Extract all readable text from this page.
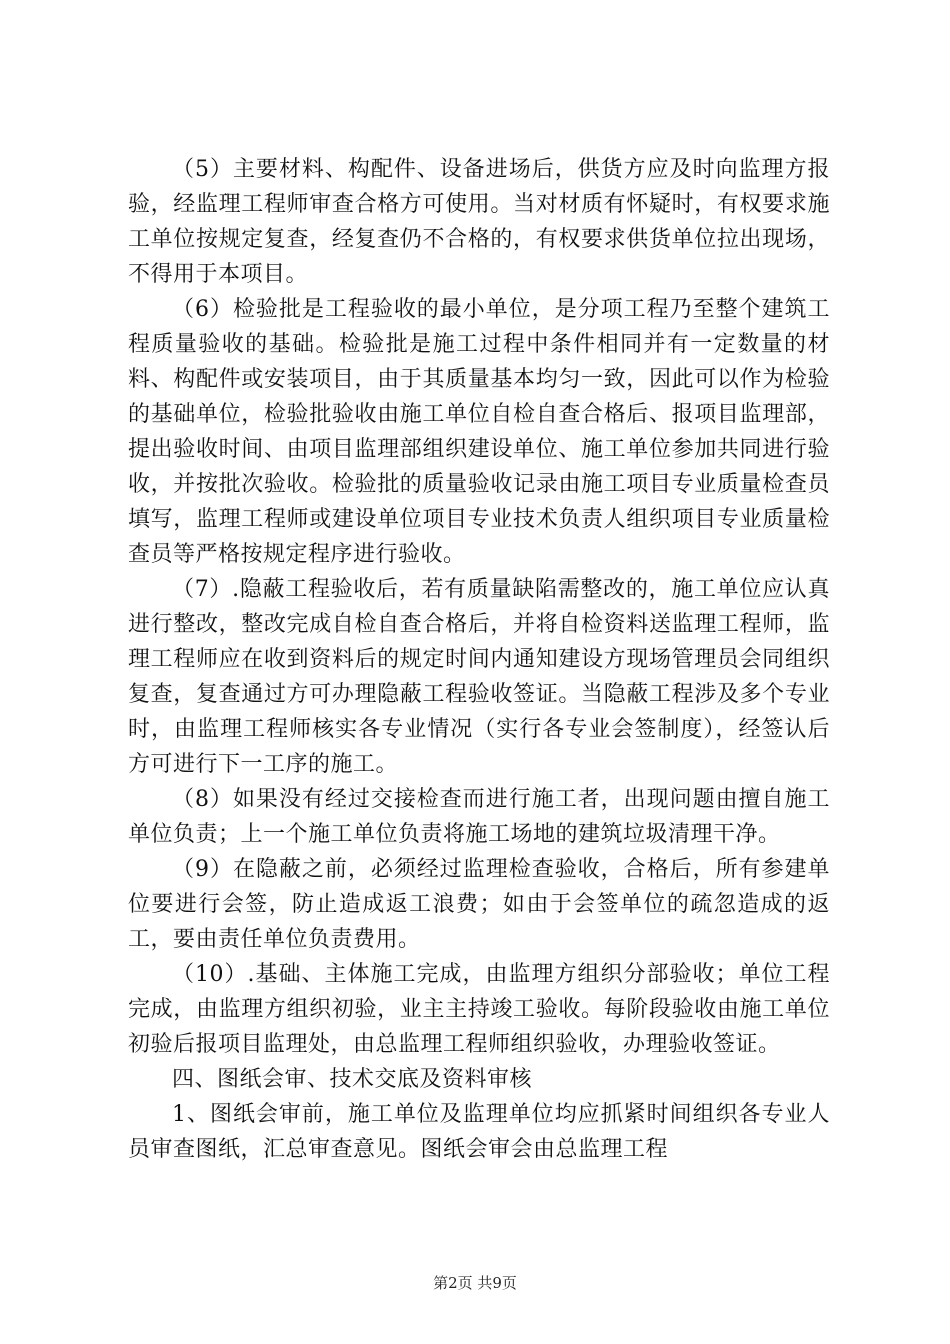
（5）主要材料、构配件、设备进场后，供货方应及时向监理方报验，经监理工程师审查合格方可使用。当对材质有怀疑时，有权要求施工单位按规定复查，经复查仍不合格的，有权要求供货单位拉出现场，不得用于本项目。

（6）检验批是工程验收的最小单位，是分项工程乃至整个建筑工程质量验收的基础。检验批是施工过程中条件相同并有一定数量的材料、构配件或安装项目，由于其质量基本均匀一致，因此可以作为检验的基础单位，检验批验收由施工单位自检自查合格后、报项目监理部，提出验收时间、由项目监理部组织建设单位、施工单位参加共同进行验收，并按批次验收。检验批的质量验收记录由施工项目专业质量检查员填写，监理工程师或建设单位项目专业技术负责人组织项目专业质量检查员等严格按规定程序进行验收。

（7）.隐蔽工程验收后，若有质量缺陷需整改的，施工单位应认真进行整改，整改完成自检自查合格后，并将自检资料送监理工程师，监理工程师应在收到资料后的规定时间内通知建设方现场管理员会同组织复查，复查通过方可办理隐蔽工程验收签证。当隐蔽工程涉及多个专业时，由监理工程师核实各专业情况（实行各专业会签制度），经签认后方可进行下一工序的施工。

（8）如果没有经过交接检查而进行施工者，出现问题由擅自施工单位负责；上一个施工单位负责将施工场地的建筑垃圾清理干净。

（9）在隐蔽之前，必须经过监理检查验收，合格后，所有参建单位要进行会签，防止造成返工浪费；如由于会签单位的疏忽造成的返工，要由责任单位负责费用。

（10）.基础、主体施工完成，由监理方组织分部验收；单位工程完成，由监理方组织初验，业主主持竣工验收。每阶段验收由施工单位初验后报项目监理处，由总监理工程师组织验收，办理验收签证。

四、图纸会审、技术交底及资料审核

1、图纸会审前，施工单位及监理单位均应抓紧时间组织各专业人员审查图纸，汇总审查意见。图纸会审会由总监理工程

第2页 共9页
